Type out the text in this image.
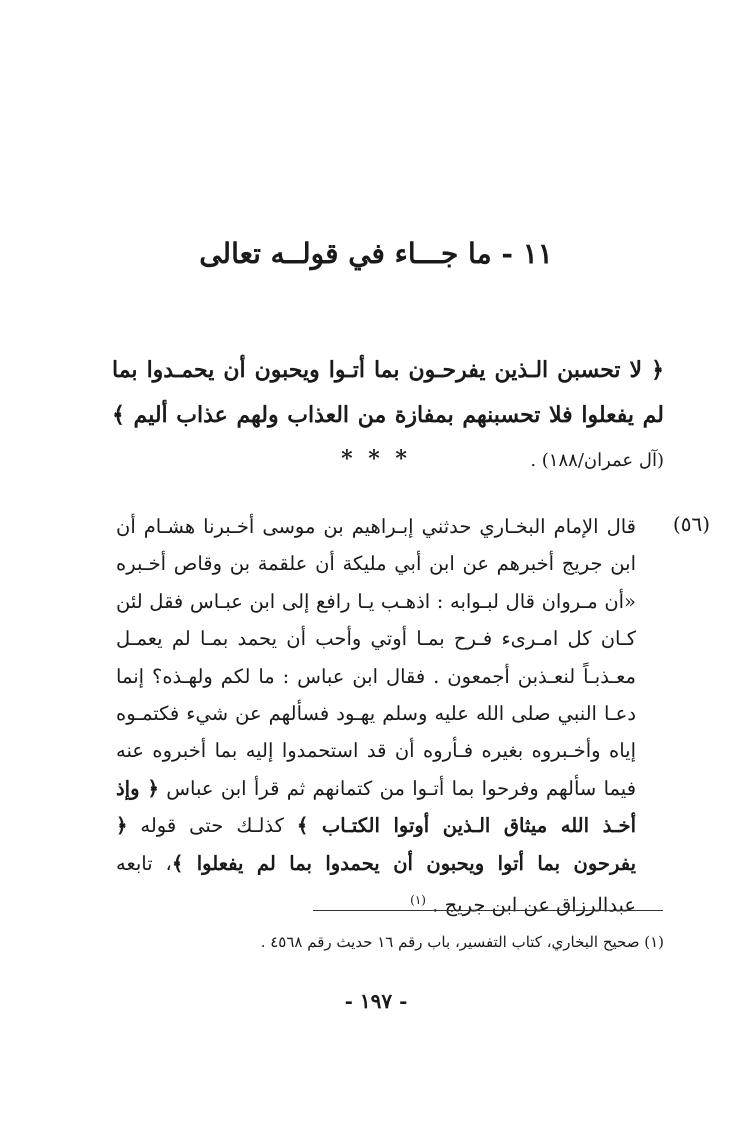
١١ - ما جـــاء في قولــه تعالى
﴿ لا تحسبن الـذين يفرحـون بما أتـوا ويحبون أن يحمـدوا بما لم يفعلوا فلا تحسبنهم بمفازة من العذاب ولهم عذاب أليم ﴾ (آل عمران/١٨٨) .
* * *
(٥٦)
قال الإمام البخـاري حدثني إبـراهيم بن موسى أخـبرنا هشـام أن ابن جريج أخبرهم عن ابن أبي مليكة أن علقمة بن وقاص أخـبره «أن مـروان قال لبـوابه : اذهـب يـا رافع إلى ابن عبـاس فقل لئن كـان كل امـرىء فـرح بمـا أوتي وأحب أن يحمد بمـا لم يعمـل معـذبـاً لنعـذبن أجمعون . فقال ابن عباس : ما لكم ولهـذه؟ إنما دعـا النبي صلى الله عليه وسلم يهـود فسألهم عن شيء فكتمـوه إياه وأخـبروه بغيره فـأروه أن قد استحمدوا إليه بما أخبروه عنه فيما سألهم وفرحوا بما أتـوا من كتمانهم ثم قرأ ابن عباس ﴿ وإذ أخـذ الله ميثاق الـذين أوتوا الكتـاب ﴾ كذلـك حتى قوله ﴿ يفرحون بما أتوا ويحبون أن يحمدوا بما لم يفعلوا ﴾، تابعه عبدالرزاق عن ابن جريج . $^{(١)}$
(١) صحيح البخاري، كتاب التفسير، باب رقم ١٦ حديث رقم ٤٥٦٨ .
- ١٩٧ -
